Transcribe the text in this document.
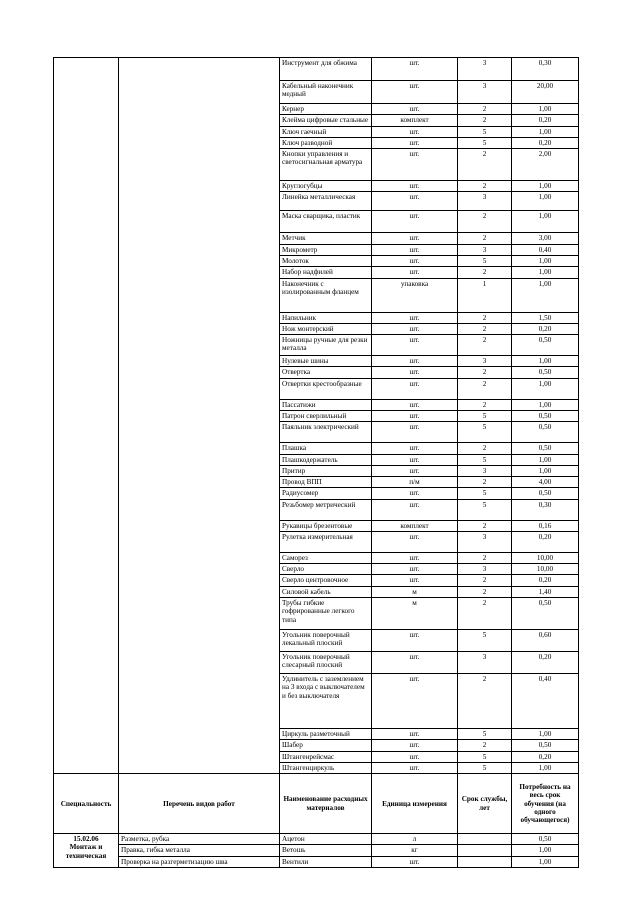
		Инструмент для обжима	шт.	3	0,30
		Кабельный наконечник медный	шт.	3	20,00
		Кернер	шт.	2	1,00
		Клейма цифровые стальные	комплект	2	0,20
		Ключ гаечный	шт.	5	1,00
		Ключ разводной	шт.	5	0,20
		Кнопки управления и светосигнальная арматура	шт.	2	2,00
		Круглогубцы	шт.	2	1,00
		Линейка металлическая	шт.	3	1,00
		Маска сварщика, пластик	шт.	2	1,00
		Метчик	шт.	2	3,00
		Микрометр	шт.	3	0,40
		Молоток	шт.	5	1,00
		Набор надфилей	шт.	2	1,00
		Наконечник с изолированным фланцем	упаковка	1	1,00
		Напильник	шт.	2	1,50
		Нож монтерский	шт.	2	0,20
		Ножницы ручные для резки металла	шт.	2	0,50
		Нулевые шины	шт.	3	1,00
		Отвертка	шт.	2	0,50
		Отвертки крестообразные	шт.	2	1,00
		Пассатижи	шт.	2	1,00
		Патрон сверлильный	шт.	5	0,50
		Паяльник электрический	шт.	5	0,50
		Плашка	шт.	2	0,50
		Плашкодержатель	шт.	5	1,00
		Притир	шт.	3	1,00
		Провод ВПП	п/м	2	4,00
		Радиусомер	шт.	5	0,50
		Резьбомер метрический	шт.	5	0,30
		Рукавицы брезентовые	комплект	2	0,16
		Рулетка измерительная	шт.	3	0,20
		Саморез	шт.	2	10,00
		Сверло	шт.	3	10,00
		Сверло центровочное	шт.	2	0,20
		Силовой кабель	м	2	1,40
		Трубы гибкие гофрированные легкого типа	м	2	0,50
		Угольник поверочный лекальный плоский	шт.	5	0,60
		Угольник поверочный слесарный плоский	шт.	3	0,20
		Удлинитель с заземлением на 3 входа с выключателем и без выключателя	шт.	2	0,40
		Циркуль разметочный	шт.	5	1,00
		Шабер	шт.	2	0,50
		Штангенрейсмас	шт.	5	0,20
		Штангенциркуль	шт.	5	1,00
Специальность	Перечень видов работ	Наименование расходных материалов	Единица измерения	Срок службы, лет	Потребность на весь срок обучения (на одного обучающегося)

15.02.06
Монтаж и техническая	Разметка, рубка	Ацетон	л		0,50
	Правка, гибка металла	Ветошь	кг		1,00
	Проверка на разгерметизацию шва	Вентили	шт.		1,00
